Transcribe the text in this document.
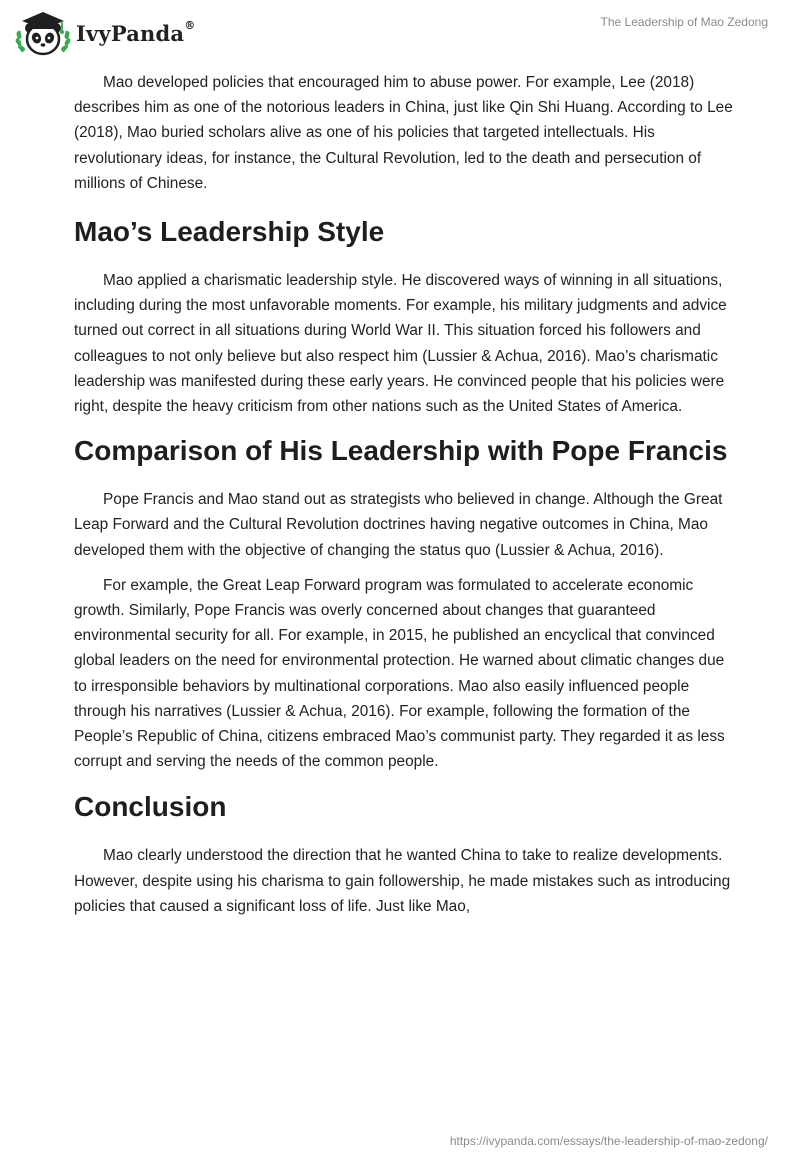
IvyPanda®	The Leadership of Mao Zedong

Mao developed policies that encouraged him to abuse power. For example, Lee (2018) describes him as one of the notorious leaders in China, just like Qin Shi Huang. According to Lee (2018), Mao buried scholars alive as one of his policies that targeted intellectuals. His revolutionary ideas, for instance, the Cultural Revolution, led to the death and persecution of millions of Chinese.

Mao’s Leadership Style

Mao applied a charismatic leadership style. He discovered ways of winning in all situations, including during the most unfavorable moments. For example, his military judgments and advice turned out correct in all situations during World War II. This situation forced his followers and colleagues to not only believe but also respect him (Lussier & Achua, 2016). Mao’s charismatic leadership was manifested during these early years. He convinced people that his policies were right, despite the heavy criticism from other nations such as the United States of America.

Comparison of His Leadership with Pope Francis

Pope Francis and Mao stand out as strategists who believed in change. Although the Great Leap Forward and the Cultural Revolution doctrines having negative outcomes in China, Mao developed them with the objective of changing the status quo (Lussier & Achua, 2016).

For example, the Great Leap Forward program was formulated to accelerate economic growth. Similarly, Pope Francis was overly concerned about changes that guaranteed environmental security for all. For example, in 2015, he published an encyclical that convinced global leaders on the need for environmental protection. He warned about climatic changes due to irresponsible behaviors by multinational corporations. Mao also easily influenced people through his narratives (Lussier & Achua, 2016). For example, following the formation of the People’s Republic of China, citizens embraced Mao’s communist party. They regarded it as less corrupt and serving the needs of the common people.

Conclusion

Mao clearly understood the direction that he wanted China to take to realize developments. However, despite using his charisma to gain followership, he made mistakes such as introducing policies that caused a significant loss of life. Just like Mao,

https://ivypanda.com/essays/the-leadership-of-mao-zedong/
